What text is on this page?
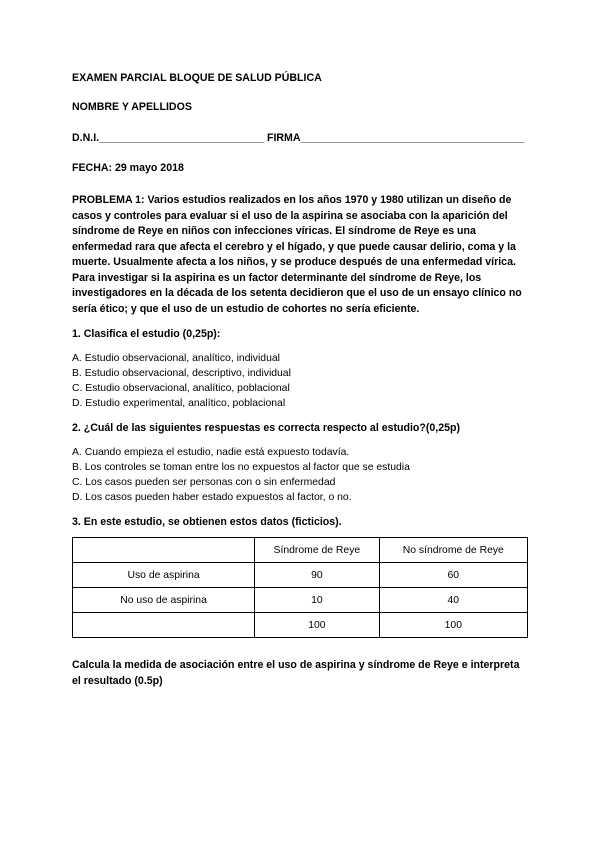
EXAMEN PARCIAL BLOQUE DE SALUD PÚBLICA
NOMBRE Y APELLIDOS
D.N.I.____________________________ FIRMA______________________________________
FECHA: 29 mayo 2018
PROBLEMA 1: Varios estudios realizados en los años 1970 y 1980 utilizan un diseño de casos y controles para evaluar si el uso de la aspirina se asociaba con la aparición del síndrome de Reye en niños con infecciones víricas. El síndrome de Reye es una enfermedad rara que afecta el cerebro y el hígado, y que puede causar delirio, coma y la muerte. Usualmente afecta a los niños, y se produce después de una enfermedad vírica. Para investigar si la aspirina es un factor determinante del síndrome de Reye, los investigadores en la década de los setenta decidieron que el uso de un ensayo clínico no sería ético; y que el uso de un estudio de cohortes no sería eficiente.
1. Clasifica el estudio (0,25p):
A. Estudio observacional, analítico, individual
B. Estudio observacional, descriptivo, individual
C. Estudio observacional, analítico, poblacional
D. Estudio experimental, analítico, poblacional
2. ¿Cuál de las siguientes respuestas es correcta respecto al estudio?(0,25p)
A. Cuando empieza el estudio, nadie está expuesto todavía.
B. Los controles se toman entre los no expuestos al factor que se estudia
C. Los casos pueden ser personas con o sin enfermedad
D. Los casos pueden haber estado expuestos al factor, o no.
3. En este estudio, se obtienen estos datos (ficticios).
	Síndrome de Reye	No síndrome de Reye
Uso de aspirina	90	60
No uso de aspirina	10	40
	100	100
Calcula la medida de asociación entre el uso de aspirina y síndrome de Reye e interpreta el resultado (0.5p)
